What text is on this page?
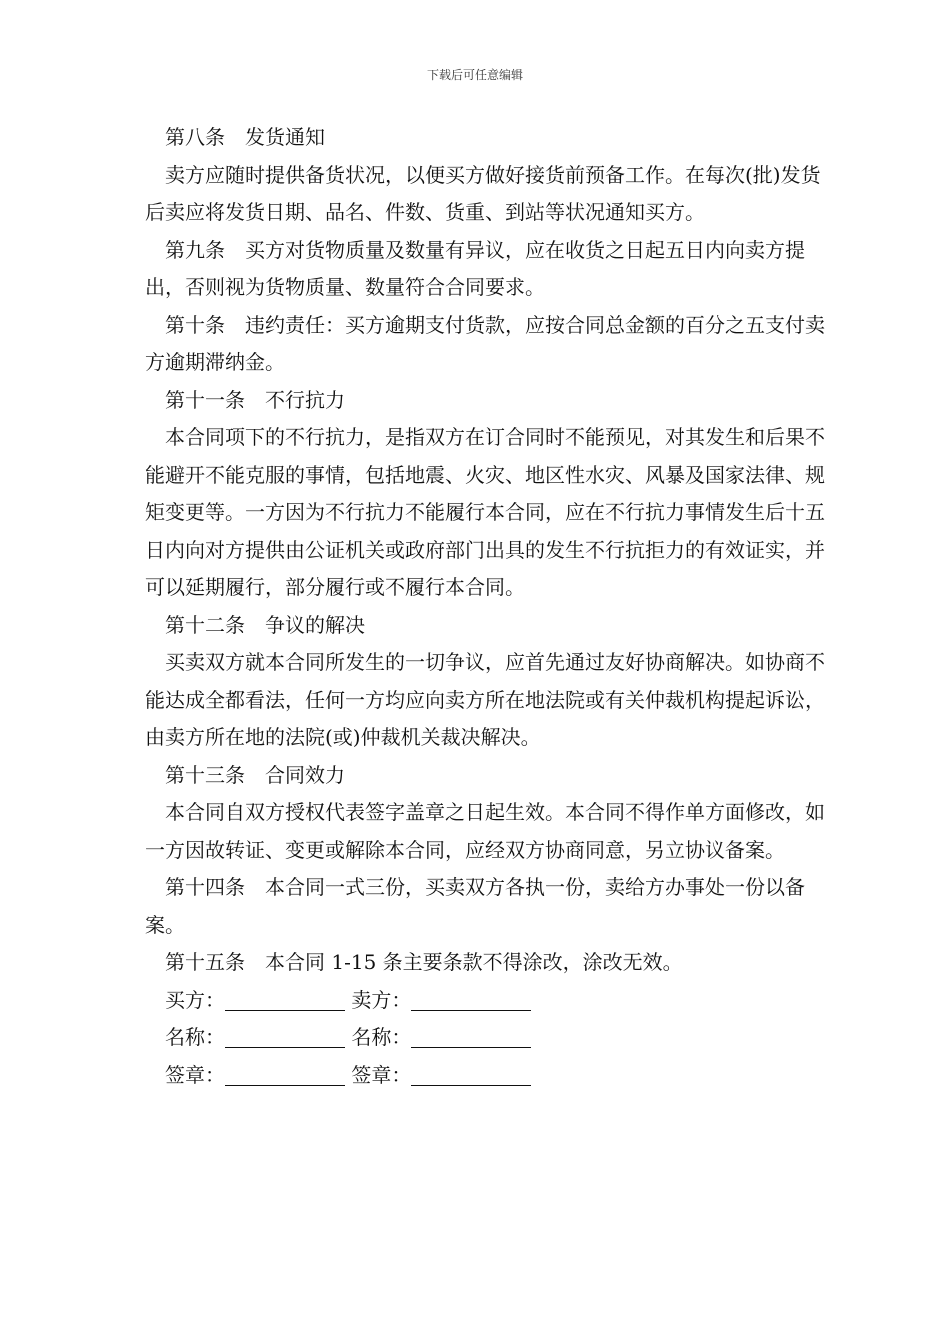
下载后可任意编辑

第八条　发货通知

卖方应随时提供备货状况，以便买方做好接货前预备工作。在每次(批)发货后卖应将发货日期、品名、件数、货重、到站等状况通知买方。

第九条　买方对货物质量及数量有异议，应在收货之日起五日内向卖方提出，否则视为货物质量、数量符合合同要求。

第十条　违约责任：买方逾期支付货款，应按合同总金额的百分之五支付卖方逾期滞纳金。

第十一条　不行抗力

本合同项下的不行抗力，是指双方在订合同时不能预见，对其发生和后果不能避开不能克服的事情，包括地震、火灾、地区性水灾、风暴及国家法律、规矩变更等。一方因为不行抗力不能履行本合同，应在不行抗力事情发生后十五日内向对方提供由公证机关或政府部门出具的发生不行抗拒力的有效证实，并可以延期履行，部分履行或不履行本合同。

第十二条　争议的解决

买卖双方就本合同所发生的一切争议，应首先通过友好协商解决。如协商不能达成全都看法，任何一方均应向卖方所在地法院或有关仲裁机构提起诉讼，由卖方所在地的法院(或)仲裁机关裁决解决。

第十三条　合同效力

本合同自双方授权代表签字盖章之日起生效。本合同不得作单方面修改，如一方因故转证、变更或解除本合同，应经双方协商同意，另立协议备案。

第十四条　本合同一式三份，买卖双方各执一份，卖给方办事处一份以备案。

第十五条　本合同 1-15 条主要条款不得涂改，涂改无效。

买方：	卖方：

名称：	名称：

签章：	签章：
